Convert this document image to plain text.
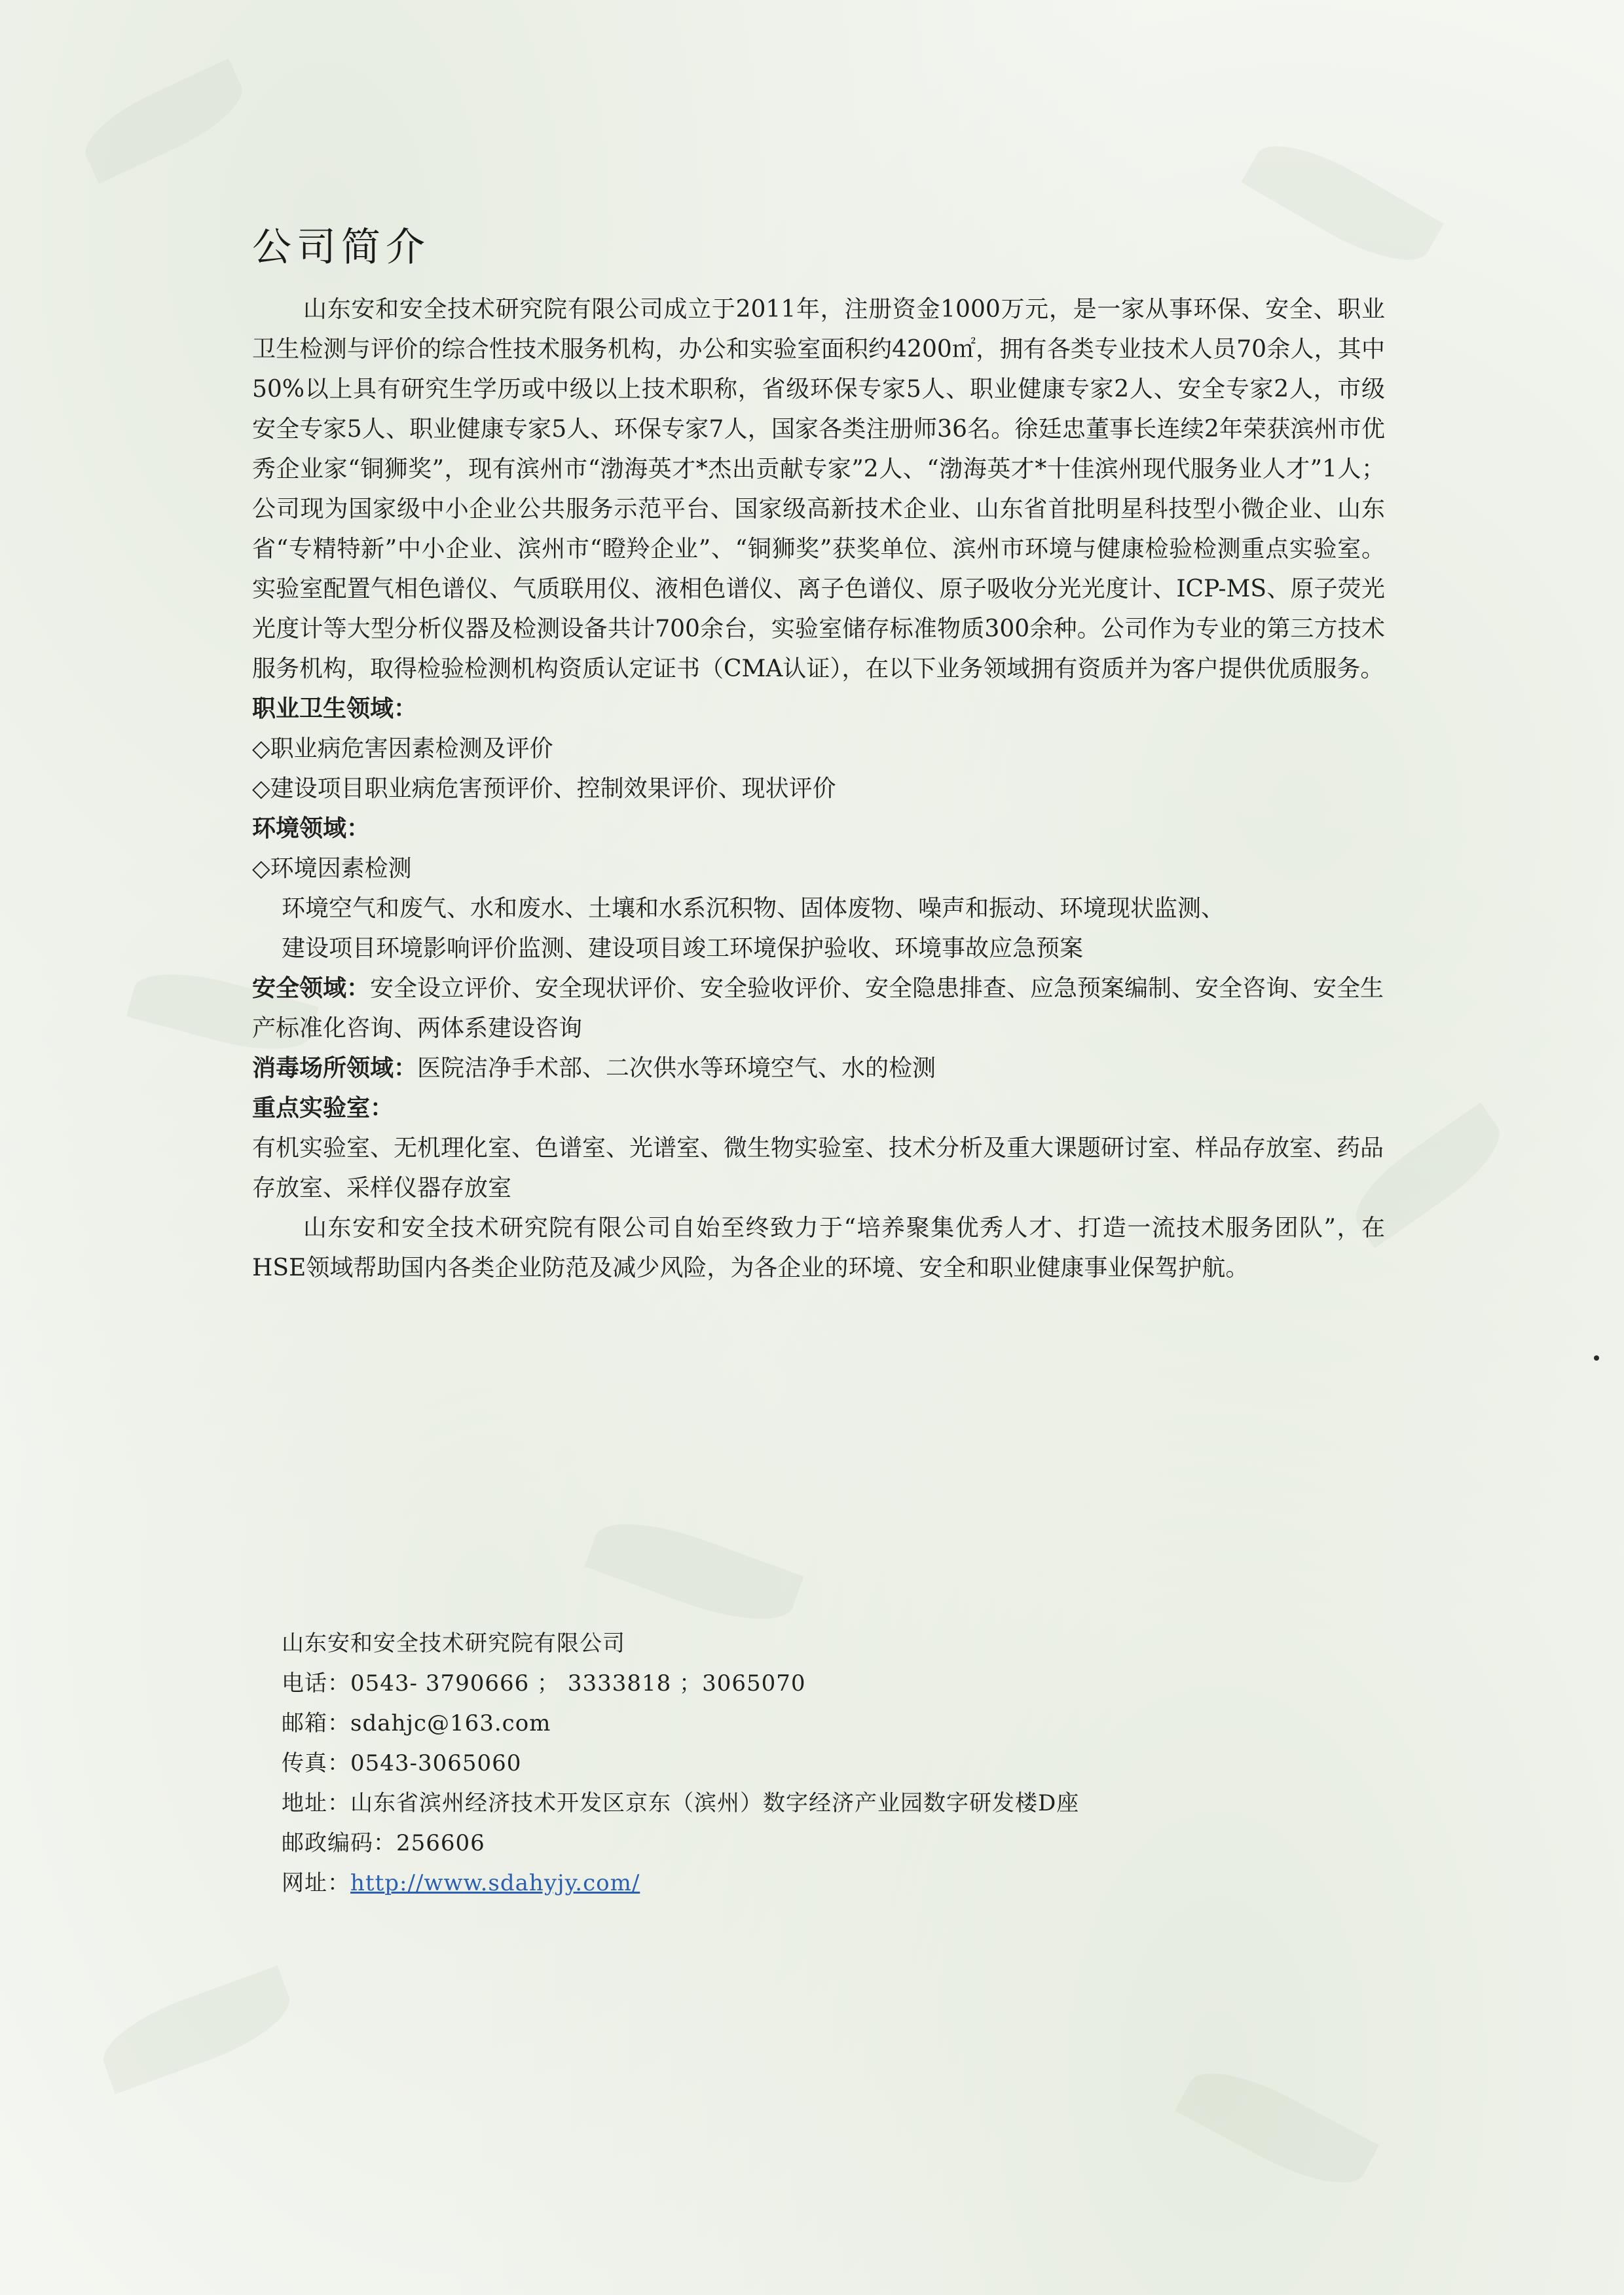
公司简介

山东安和安全技术研究院有限公司成立于2011年，注册资金1000万元，是一家从事环保、安全、职业卫生检测与评价的综合性技术服务机构，办公和实验室面积约4200㎡，拥有各类专业技术人员70余人，其中50%以上具有研究生学历或中级以上技术职称，省级环保专家5人、职业健康专家2人、安全专家2人，市级安全专家5人、职业健康专家5人、环保专家7人，国家各类注册师36名。徐廷忠董事长连续2年荣获滨州市优秀企业家“铜狮奖”，现有滨州市“渤海英才*杰出贡献专家”2人、“渤海英才*十佳滨州现代服务业人才”1人；公司现为国家级中小企业公共服务示范平台、国家级高新技术企业、山东省首批明星科技型小微企业、山东省“专精特新”中小企业、滨州市“瞪羚企业”、“铜狮奖”获奖单位、滨州市环境与健康检验检测重点实验室。实验室配置气相色谱仪、气质联用仪、液相色谱仪、离子色谱仪、原子吸收分光光度计、ICP-MS、原子荧光光度计等大型分析仪器及检测设备共计700余台，实验室储存标准物质300余种。公司作为专业的第三方技术服务机构，取得检验检测机构资质认定证书（CMA认证），在以下业务领域拥有资质并为客户提供优质服务。

职业卫生领域：

◇职业病危害因素检测及评价

◇建设项目职业病危害预评价、控制效果评价、现状评价

环境领域：

◇环境因素检测

环境空气和废气、水和废水、土壤和水系沉积物、固体废物、噪声和振动、环境现状监测、

建设项目环境影响评价监测、建设项目竣工环境保护验收、环境事故应急预案

安全领域：安全设立评价、安全现状评价、安全验收评价、安全隐患排查、应急预案编制、安全咨询、安全生产标准化咨询、两体系建设咨询

消毒场所领域：医院洁净手术部、二次供水等环境空气、水的检测

重点实验室：

有机实验室、无机理化室、色谱室、光谱室、微生物实验室、技术分析及重大课题研讨室、样品存放室、药品存放室、采样仪器存放室

山东安和安全技术研究院有限公司自始至终致力于“培养聚集优秀人才、打造一流技术服务团队”，在HSE领域帮助国内各类企业防范及减少风险，为各企业的环境、安全和职业健康事业保驾护航。

山东安和安全技术研究院有限公司

电话：0543- 3790666 ； 3333818 ；3065070

邮箱：sdahjc@163.com

传真：0543-3065060

地址：山东省滨州经济技术开发区京东（滨州）数字经济产业园数字研发楼D座

邮政编码：256606

网址：http://www.sdahyjy.com/
